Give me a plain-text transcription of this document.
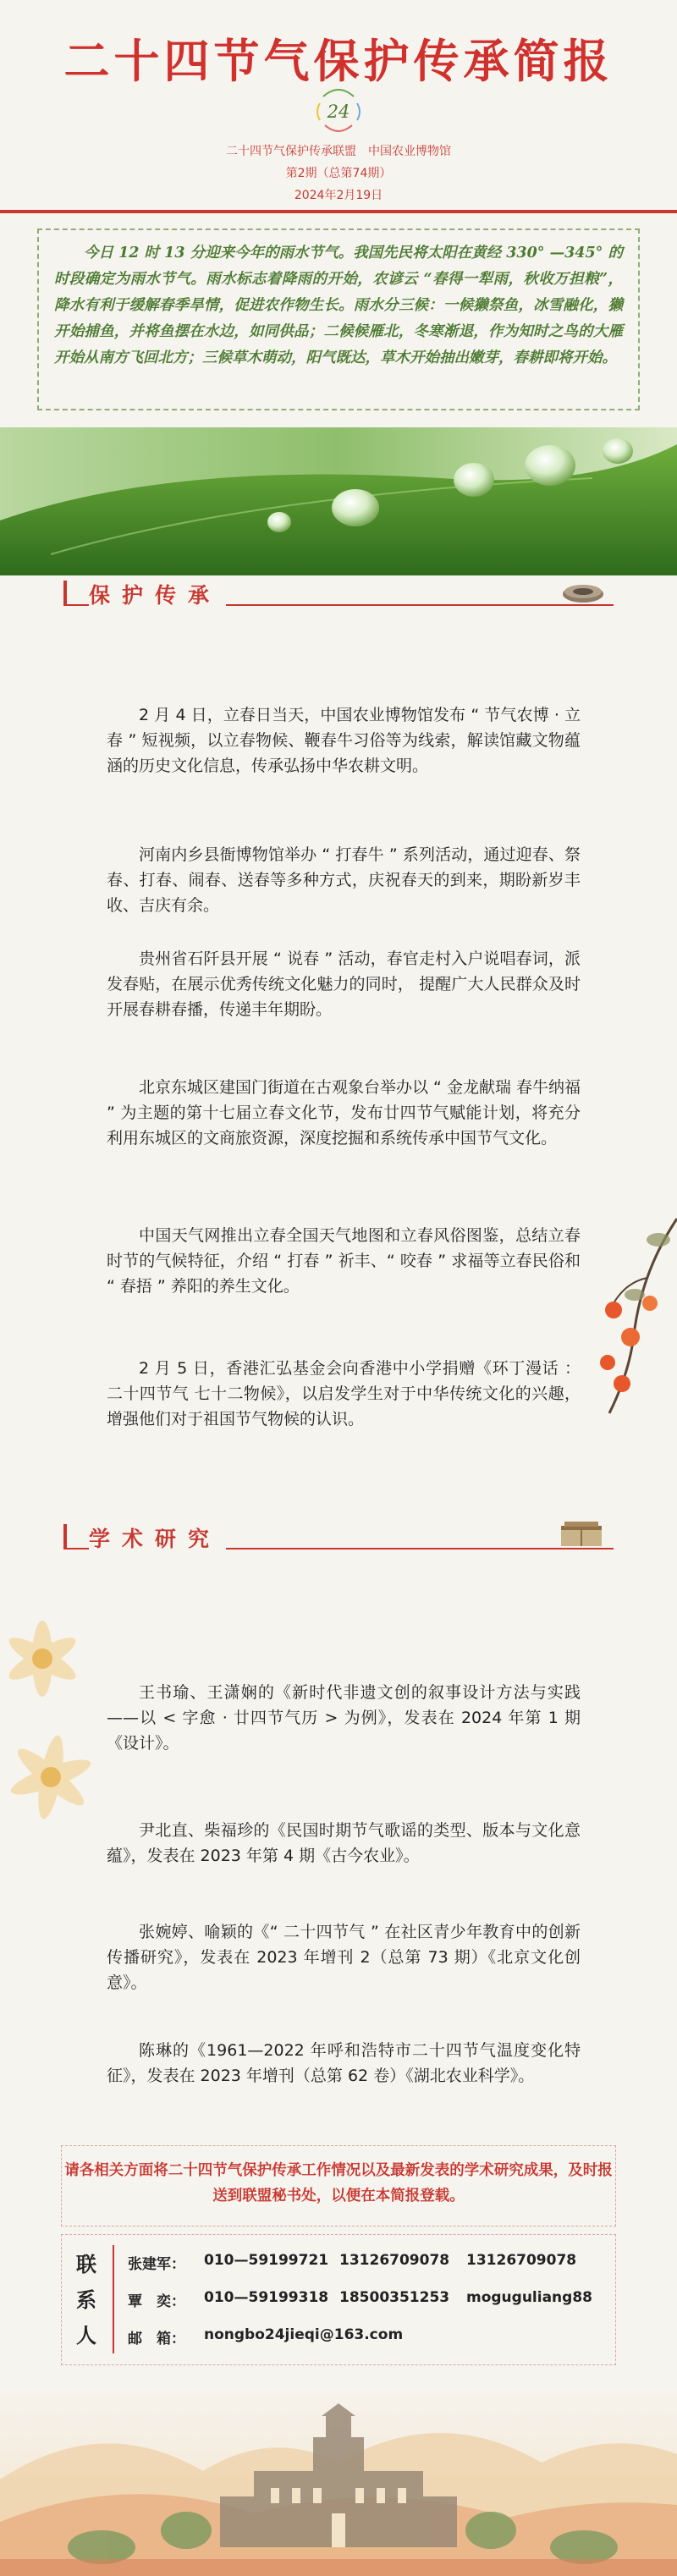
二十四节气保护传承简报
24
二十四节气保护传承联盟　中国农业博物馆
第2期（总第74期）
2024年2月19日
今日 12 时 13 分迎来今年的雨水节气。我国先民将太阳在黄经 330° —345° 的时段确定为雨水节气。雨水标志着降雨的开始，农谚云 “春得一犁雨，秋收万担粮”，降水有利于缓解春季旱情，促进农作物生长。雨水分三候：一候獭祭鱼，冰雪融化，獭开始捕鱼，并将鱼摆在水边，如同供品；二候候雁北，冬寒渐退，作为知时之鸟的大雁开始从南方飞回北方；三候草木萌动，阳气既达，草木开始抽出嫩芽，春耕即将开始。
保护传承
2 月 4 日，立春日当天，中国农业博物馆发布 “ 节气农博 · 立春 ” 短视频，以立春物候、鞭春牛习俗等为线索，解读馆藏文物蕴涵的历史文化信息，传承弘扬中华农耕文明。
河南内乡县衙博物馆举办 “ 打春牛 ” 系列活动，通过迎春、祭春、打春、闹春、送春等多种方式，庆祝春天的到来，期盼新岁丰收、吉庆有余。
贵州省石阡县开展 “ 说春 ” 活动，春官走村入户说唱春词，派发春贴，在展示优秀传统文化魅力的同时， 提醒广大人民群众及时开展春耕春播，传递丰年期盼。
北京东城区建国门街道在古观象台举办以 “ 金龙献瑞 春牛纳福 ” 为主题的第十七届立春文化节，发布廿四节气赋能计划，将充分利用东城区的文商旅资源，深度挖掘和系统传承中国节气文化。
中国天气网推出立春全国天气地图和立春风俗图鉴，总结立春时节的气候特征，介绍 “ 打春 ” 祈丰、“ 咬春 ” 求福等立春民俗和 “ 春捂 ” 养阳的养生文化。
2 月 5 日，香港汇弘基金会向香港中小学捐赠《环丁漫话 ：二十四节气 七十二物候》，以启发学生对于中华传统文化的兴趣，增强他们对于祖国节气物候的认识。
学术研究
王书瑜、王潇娴的《新时代非遗文创的叙事设计方法与实践——以 < 字愈 · 廿四节气历 > 为例》，发表在 2024 年第 1 期《设计》。
尹北直、柴福珍的《民国时期节气歌谣的类型、版本与文化意蕴》，发表在 2023 年第 4 期《古今农业》。
张婉婷、喻颖的《“ 二十四节气 ” 在社区青少年教育中的创新传播研究》，发表在 2023 年增刊 2（总第 73 期）《北京文化创意》。
陈琳的《1961—2022 年呼和浩特市二十四节气温度变化特征》，发表在 2023 年增刊（总第 62 卷）《湖北农业科学》。
请各相关方面将二十四节气保护传承工作情况以及最新发表的学术研究成果，及时报送到联盟秘书处，以便在本简报登载。
联系人
张建军： 010—59199721 13126709078 13126709078
覃　奕： 010—59199318 18500351253 moguguliang88
邮　箱： nongbo24jieqi@163.com
